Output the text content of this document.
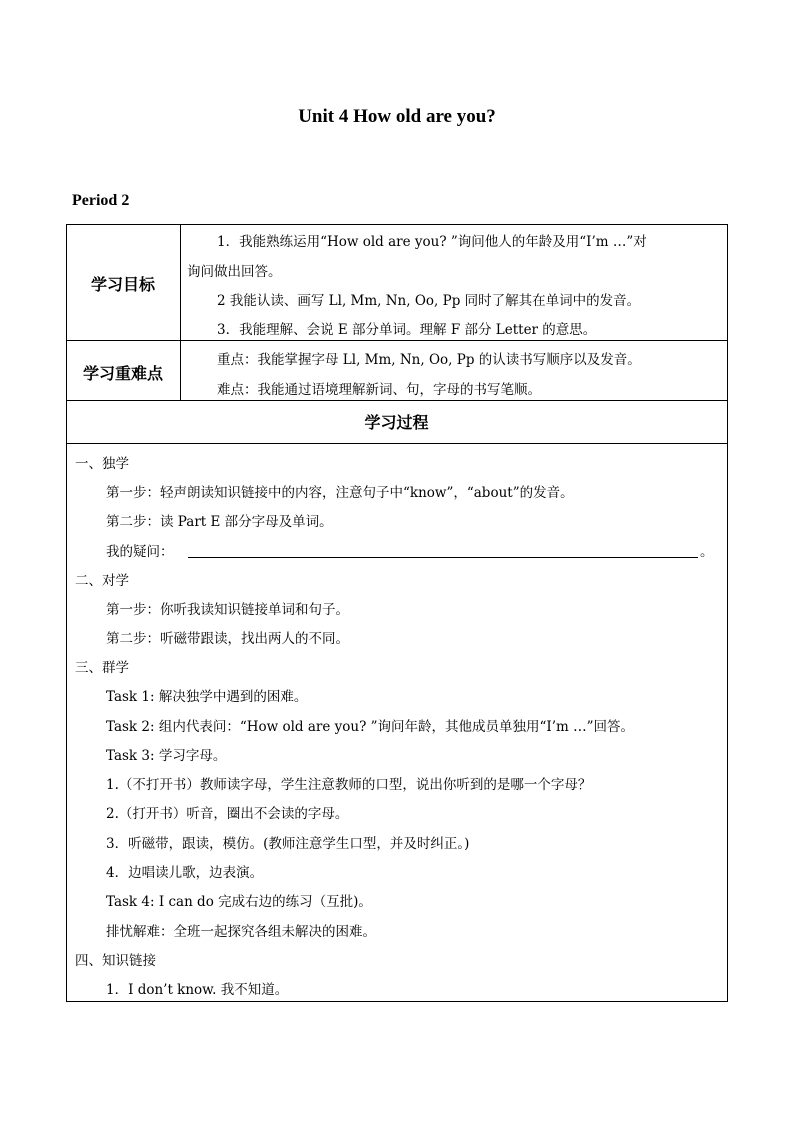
Unit 4 How old are you?
Period 2
学习目标
1．我能熟练运用“How old are you? ”询问他人的年龄及用“I’m …”对
询问做出回答。
2 我能认读、画写 Ll, Mm, Nn, Oo, Pp 同时了解其在单词中的发音。
3．我能理解、会说 E 部分单词。理解 F 部分 Letter 的意思。
学习重难点
重点：我能掌握字母 Ll, Mm, Nn, Oo, Pp 的认读书写顺序以及发音。
难点：我能通过语境理解新词、句，字母的书写笔顺。
学习过程
一、独学
第一步：轻声朗读知识链接中的内容，注意句子中“know”，“about”的发音。
第二步：读 Part E 部分字母及单词。
我的疑问：	。
二、对学
第一步：你听我读知识链接单词和句子。
第二步：听磁带跟读，找出两人的不同。
三、群学
Task 1: 解决独学中遇到的困难。
Task 2: 组内代表问：“How old are you? ”询问年龄，其他成员单独用“I’m …”回答。
Task 3: 学习字母。
1.（不打开书）教师读字母，学生注意教师的口型，说出你听到的是哪一个字母？
2.（打开书）听音，圈出不会读的字母。
3．听磁带，跟读，模仿。(教师注意学生口型，并及时纠正。)
4．边唱读儿歌，边表演。
Task 4: I can do 完成右边的练习（互批)。
排忧解难：全班一起探究各组未解决的困难。
四、知识链接
1．I don’t know. 我不知道。
